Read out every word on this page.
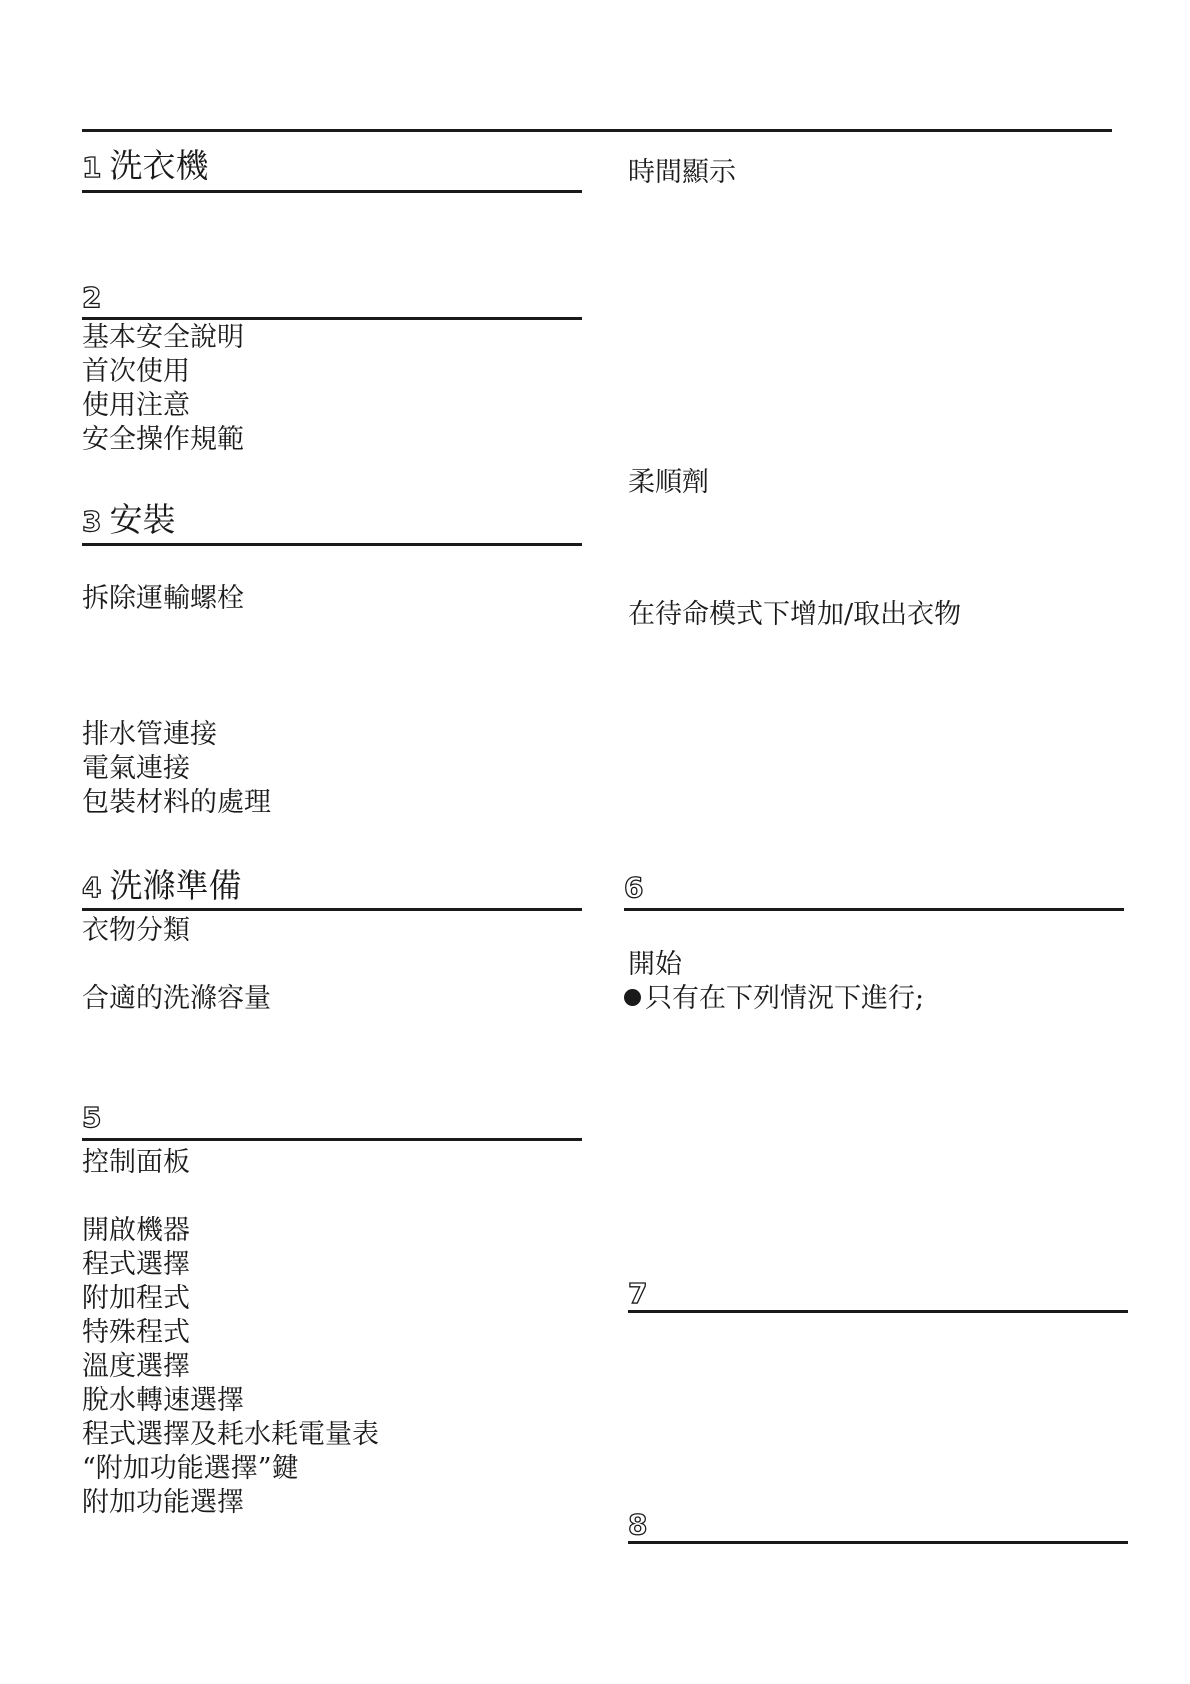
1 洗衣機
2
基本安全說明
首次使用
使用注意
安全操作規範
3 安裝
拆除運輸螺栓
排水管連接
電氣連接
包裝材料的處理
4 洗滌準備
衣物分類
合適的洗滌容量
5
控制面板
開啟機器
程式選擇
附加程式
特殊程式
溫度選擇
脫水轉速選擇
程式選擇及耗水耗電量表
“附加功能選擇”鍵
附加功能選擇
時間顯示
柔順劑
在待命模式下增加/取出衣物
6
開始
只有在下列情況下進行;
7
8
